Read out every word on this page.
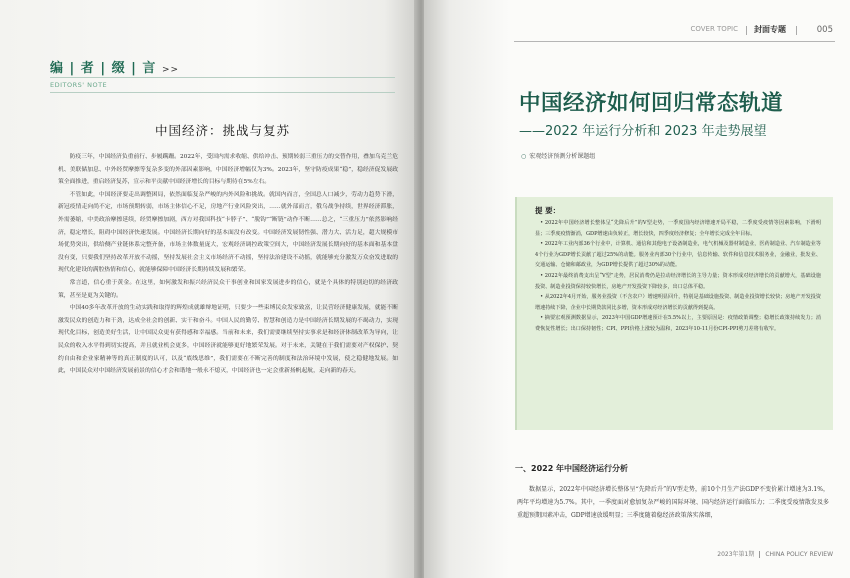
编 | 者 | 缀 | 言 >>
EDITORS' NOTE
中国经济：挑战与复苏

防疫三年，中国经济负重前行、步履蹒跚。2022年，受国内需求收缩、供给冲击、预期转弱三重压力的交替作用，叠加乌克兰危机、美联储加息、中外经贸摩擦等复杂多变的外部因素影响，中国经济增幅仅为3%。2023年，坚守防疫成果“稳”，稳经济促发展政策全面推进，重启经济复苏，宣示和平贡献中国经济增长的目标与期待在5%左右。

不管如此，中国经济要走出调整困局，依然面临复杂严峻的内外风险和挑战。就国内而言，全国总人口减少，劳动力趋势下滑，新冠疫情走向尚不定，市场预期转弱，市场主体信心不足，房地产行业风险突出，……就外部而言，俄乌战争持续，世界经济滞胀，外需萎缩，中美政治摩擦延续，经贸摩擦加剧，西方对我国科技“卡脖子”、“脱钩”“断链”动作不断……总之，“三重压力”依然影响经济，稳定增长，阻碍中国经济快速发展。中国经济长期向好的基本面没有改变。中国经济发展韧性强、潜力大、活力足，超大规模市场优势突出，供给侧产业链体系完整齐备，市场主体数量庞大，宏观经济调控政策空间大，中国经济发展长期向好的基本面和基本盘没有变，只要我们坚持改革开放不动摇，坚持发展社会主义市场经济不动摇，坚持法治建设不动摇，就能够充分激发万众奋发进取的现代化建设的满腔热情和信心，就能够保障中国经济长期持续发展和繁荣。

常言道，信心重于黄金。在这里，如何激发和振兴经济民众干事创业和国家发展进步的信心，就是个具体的特别迫切的经济政策，甚至是更为关键的。

中国40多年改革开放的生动实践和取得的辉煌成就雄辩地证明，只要少一些束缚民众发家致富，让民营经济健康发展，就能不断激发民众的创造力和干劲，达成全社会的创新、实干和奋斗。中国人民的勤劳、智慧和创造力是中国经济长期发展的不竭动力，实现现代化目标，创造美好生活，让中国民众更有获得感和幸福感。当前和未来，我们需要继续坚持实事求是和经济体制改革为导向，让民众的收入水平得到切实提高，并且就业机会更多，中国经济就能够更好地繁荣发展。对于未来，关键在于我们需要对产权保护、契约自由和企业家精神等的真正制度的认可，以及“底线思维”，我们需要在不断完善的制度和法治环境中发展，使之稳健地发展。如此，中国民众对中国经济发展前景的信心才会和谐地一般永不熄灭，中国经济也一定会重新扬帆起航，走向新的春天。

COVER TOPIC 封面专题	005
中国经济如何回归常态轨道
——2022 年运行分析和 2023 年走势展望
○ 宏观经济预测分析课题组
提 要：

• 2022年中国经济增长整体呈“先降后升”的V型走势，一季度国内经济增速开局平稳，二季度受疫情等因素影响，下滑明显；三季度疫情渐消，GDP增速由负转正，增长较快，四季度经济修复；全年增长完成全年目标。

• 2022年工业内部36个行业中，计算机、通信和其他电子设备制造业，电气机械及器材制造业，医药制造业、汽车制造业等4个行业为GDP增长贡献了超过25%的动能。服务业内部30个行业中，信息传输、软件和信息技术服务业，金融业，批发业、交通运输、仓储和邮政业，为GDP增长提供了超过30%的动能。

• 2022年最终消费支出呈“V型”走势，居民消费仍是拉动经济增长的主导力量；资本形成对经济增长的贡献增大，基础设施投资、制造业投资保持较快增长，房地产开发投资下降较多，出口总体平稳。

• 从2022年4月开始，服务业投资（不含农户）增速明显回升，特别是基础设施投资、制造业投资增长较快；房地产开发投资增速持续下降，企业中长期贷款同比多增，资本形成对经济增长的贡献得到提高。

• 摘要宏观预测数据显示，2023年中国GDP增速预计在5.5%以上，主要原因是：疫情政策调整；稳增长政策持续发力；消费恢复性增长；出口保持韧性；CPI、PPI价格上涨较为温和，2023年10-11月份CPI-PPI剪刀差将有收窄。

一、2022 年中国经济运行分析

数据显示，2022年中国经济增长整体呈“先降后升”的V型走势，前10个月生产法GDP不变价累计增速为3.1%，两年平均增速为5.7%。其中，一季度面对愈加复杂严峻的国际环境、国内经济运行面临压力；二季度受疫情散发及多重超预期因素冲击，GDP增速放缓明显；三季度随着稳经济政策落实落细，

2023年第1期 CHINA POLICY REVIEW
